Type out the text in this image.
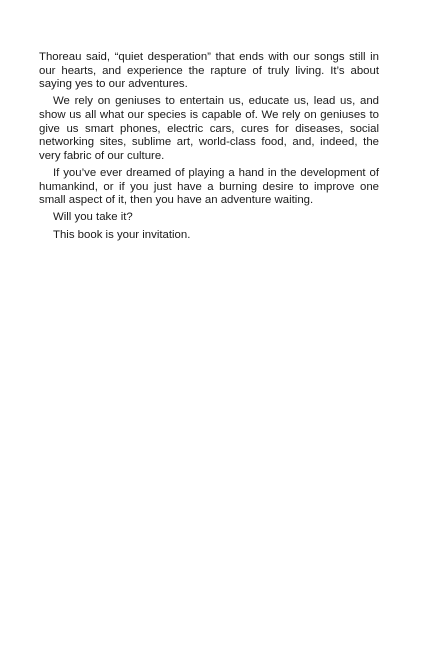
Thoreau said, “quiet desperation” that ends with our songs still in our hearts, and experience the rapture of truly living. It’s about saying yes to our adventures.

We rely on geniuses to entertain us, educate us, lead us, and show us all what our species is capable of. We rely on geniuses to give us smart phones, electric cars, cures for diseases, social networking sites, sublime art, world-class food, and, indeed, the very fabric of our culture.

If you’ve ever dreamed of playing a hand in the development of humankind, or if you just have a burning desire to improve one small aspect of it, then you have an adventure waiting.

Will you take it?

This book is your invitation.
